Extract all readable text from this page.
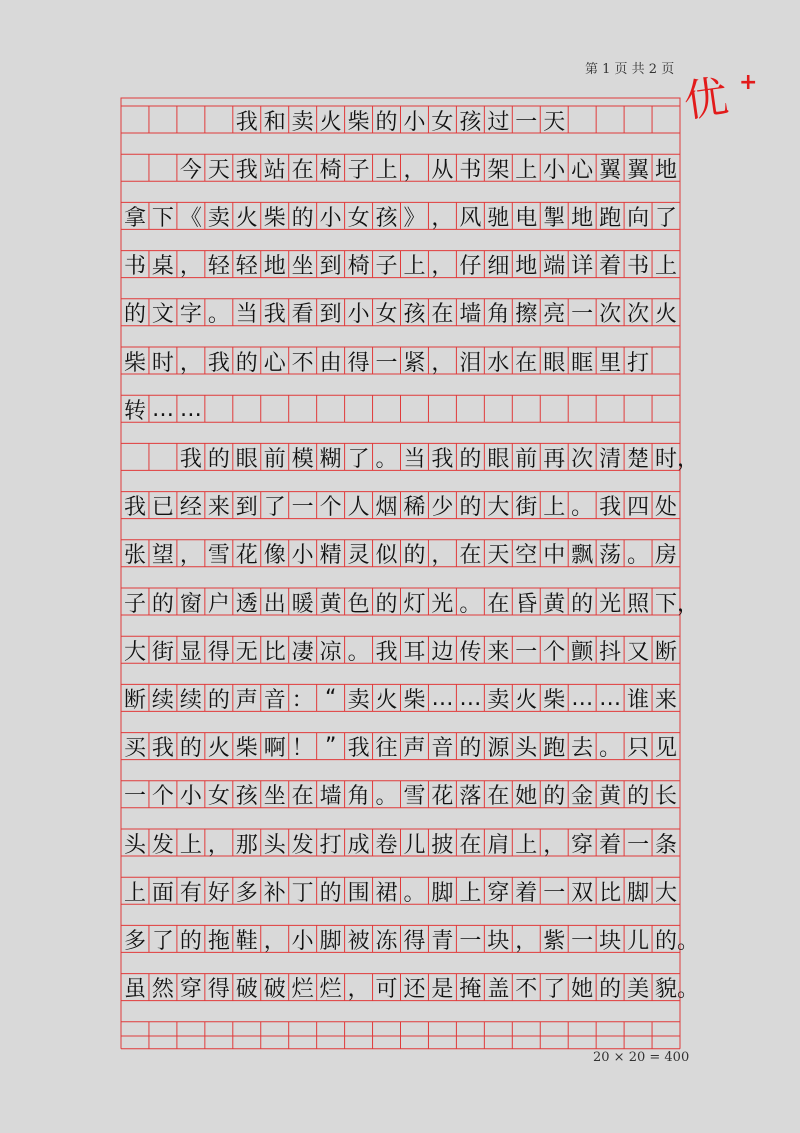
第 1 页 共 2 页
优 +
我 和 卖 火 柴 的 小 女 孩 过 一 天
今 天 我 站 在 椅 子 上 ， 从 书 架 上 小 心 翼 翼 地
拿 下 《 卖 火 柴 的 小 女 孩 》 ， 风 驰 电 掣 地 跑 向 了
书 桌 ， 轻 轻 地 坐 到 椅 子 上 ， 仔 细 地 端 详 着 书 上
的 文 字 。 当 我 看 到 小 女 孩 在 墙 角 擦 亮 一 次 次 火
柴 时 ， 我 的 心 不 由 得 一 紧 ， 泪 水 在 眼 眶 里 打
转 … …
我 的 眼 前 模 糊 了 。 当 我 的 眼 前 再 次 清 楚 时 ，
我 已 经 来 到 了 一 个 人 烟 稀 少 的 大 街 上 。 我 四 处
张 望 ， 雪 花 像 小 精 灵 似 的 ， 在 天 空 中 飘 荡 。 房
子 的 窗 户 透 出 暖 黄 色 的 灯 光 。 在 昏 黄 的 光 照 下 ，
大 街 显 得 无 比 凄 凉 。 我 耳 边 传 来 一 个 颤 抖 又 断
断 续 续 的 声 音 ： “ 卖 火 柴 … … 卖 火 柴 … … 谁 来
买 我 的 火 柴 啊 ！ ” 我 往 声 音 的 源 头 跑 去 。 只 见
一 个 小 女 孩 坐 在 墙 角 。 雪 花 落 在 她 的 金 黄 的 长
头 发 上 ， 那 头 发 打 成 卷 儿 披 在 肩 上 ， 穿 着 一 条
上 面 有 好 多 补 丁 的 围 裙 。 脚 上 穿 着 一 双 比 脚 大
多 了 的 拖 鞋 ， 小 脚 被 冻 得 青 一 块 ， 紫 一 块 儿 的 。
虽 然 穿 得 破 破 烂 烂 ， 可 还 是 掩 盖 不 了 她 的 美 貌 。
20 × 20 = 400
